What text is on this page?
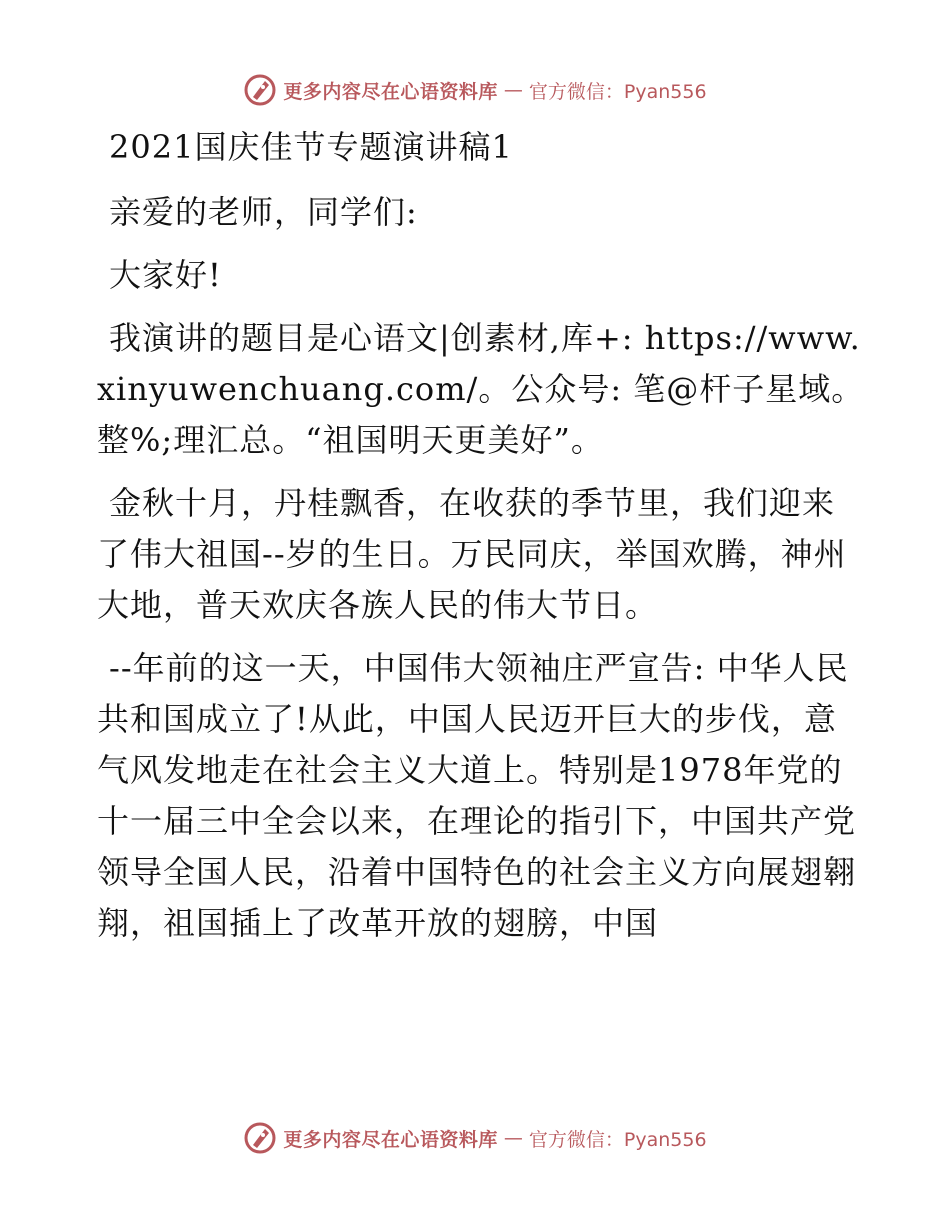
更多内容尽在心语资料库 — 官方微信：Pyan556

2021国庆佳节专题演讲稿1

亲爱的老师，同学们:

大家好!

我演讲的题目是心语文|创素材,库+: https://www.xinyuwenchuang.com/。公众号: 笔@杆子星域。整%;理汇总。“祖国明天更美好”。

金秋十月，丹桂飘香，在收获的季节里，我们迎来了伟大祖国--岁的生日。万民同庆，举国欢腾，神州大地，普天欢庆各族人民的伟大节日。

--年前的这一天，中国伟大领袖庄严宣告: 中华人民共和国成立了!从此，中国人民迈开巨大的步伐，意气风发地走在社会主义大道上。特别是1978年党的十一届三中全会以来，在理论的指引下，中国共产党领导全国人民，沿着中国特色的社会主义方向展翅翱翔，祖国插上了改革开放的翅膀，中国

更多内容尽在心语资料库 — 官方微信：Pyan556
